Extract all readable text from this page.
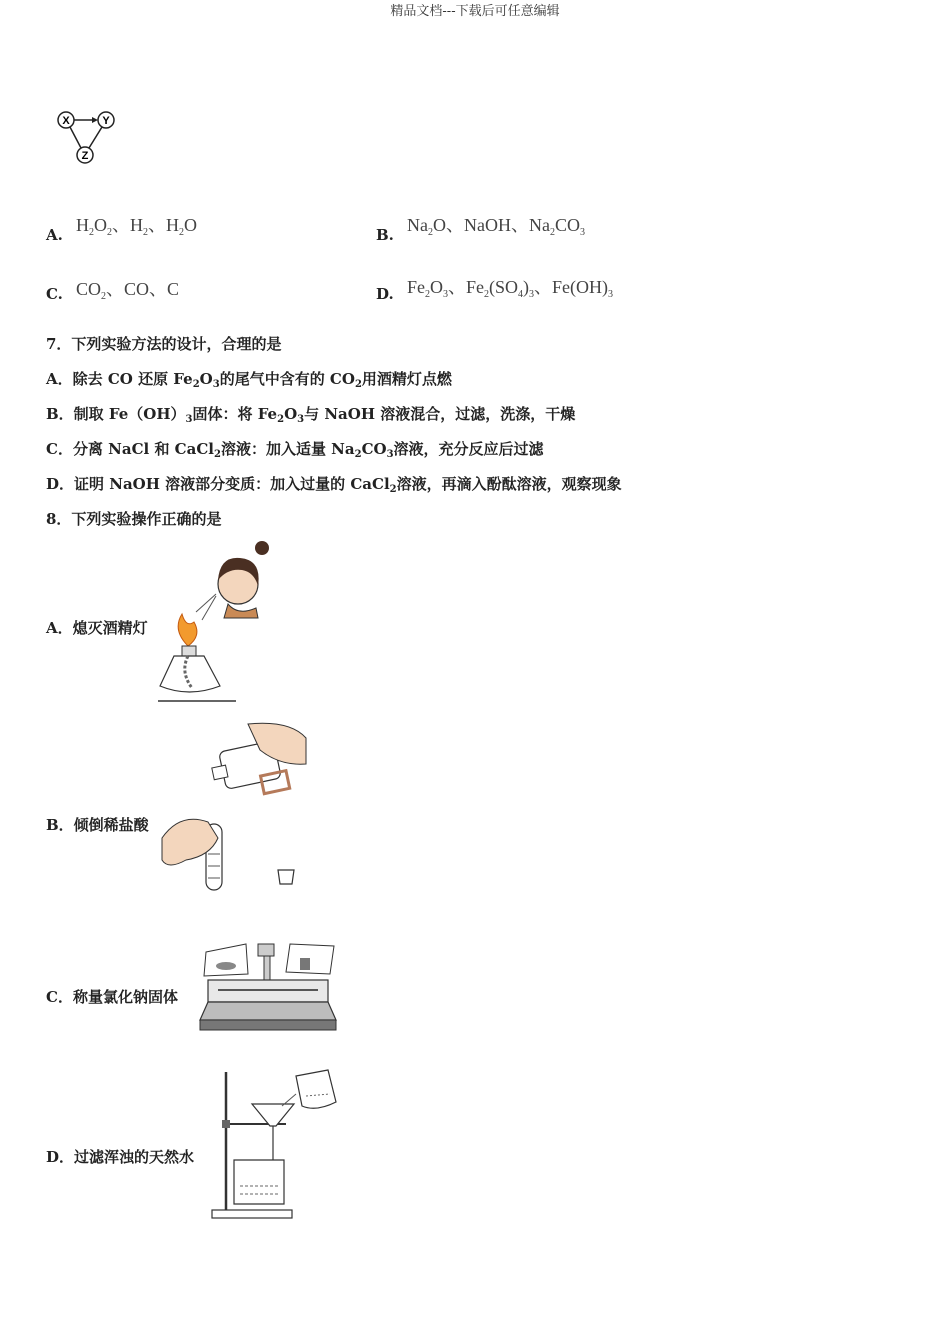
精品文档---下载后可任意编辑
X	Y
Z
A. $H_2O_2$、$H_2$、$H_2O$	B. $Na_2O$、NaOH、$Na_2CO_3$
C. $CO_2$、CO、C	D. $Fe_2O_3$、$Fe_2(SO_4)_3$、$Fe(OH)_3$
7．下列实验方法的设计，合理的是
A．除去 CO 还原 $Fe_2O_3$的尾气中含有的 $CO_2$用酒精灯点燃
B．制取 $Fe(OH)_3$固体：将 $Fe_2O_3$与 NaOH 溶液混合，过滤，洗涤，干燥
C．分离 NaCl 和 CaCl$_2$溶液：加入适量 $Na_2CO_3$溶液，充分反应后过滤
D．证明 NaOH 溶液部分变质：加入过量的 CaCl$_2$溶液，再滴入酚酞溶液，观察现象
8．下列实验操作正确的是
A．熄灭酒精灯
B．倾倒稀盐酸
C．称量氯化钠固体
D．过滤浑浊的天然水
